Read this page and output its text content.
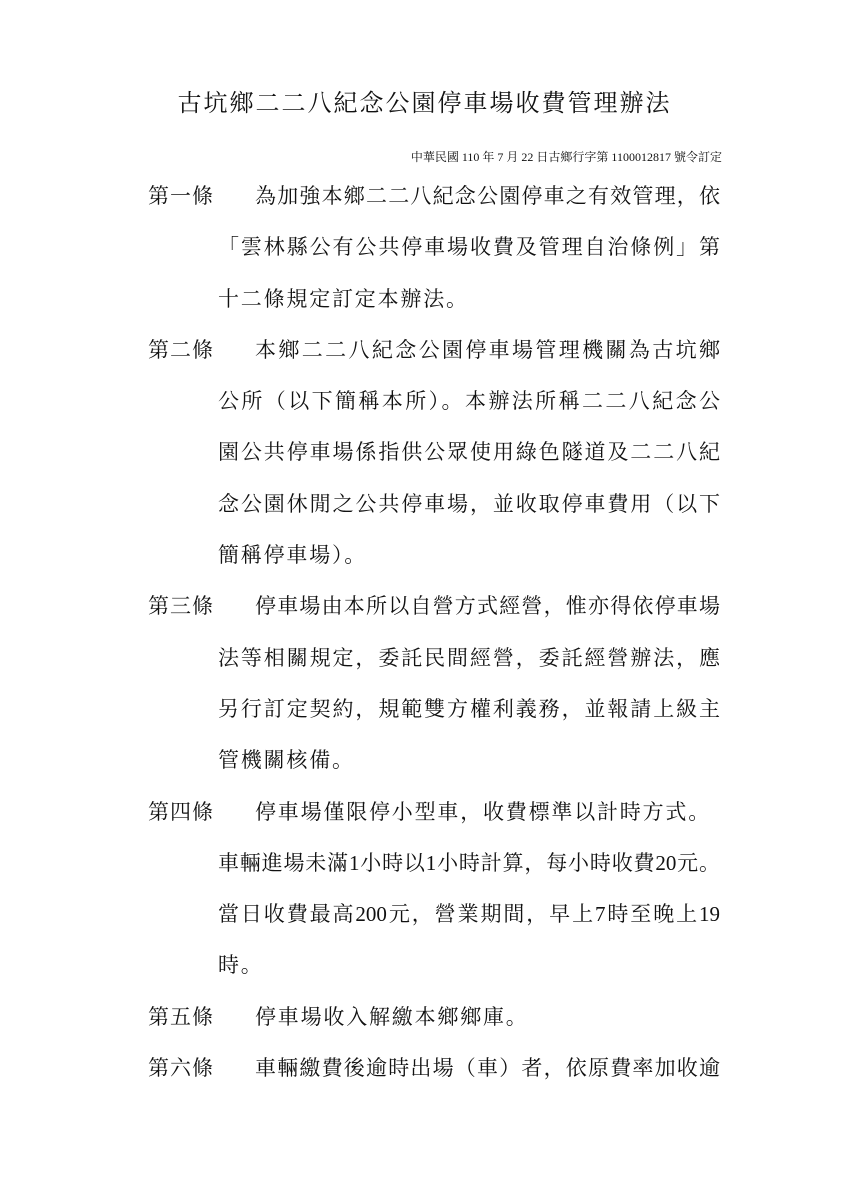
古坑鄉二二八紀念公園停車場收費管理辦法
中華民國 110 年 7 月 22 日古鄉行字第 1100012817 號令訂定
第一條 為加強本鄉二二八紀念公園停車之有效管理，依
「雲林縣公有公共停車場收費及管理自治條例」第
十二條規定訂定本辦法。
第二條 本鄉二二八紀念公園停車場管理機關為古坑鄉
公所（以下簡稱本所）。本辦法所稱二二八紀念公
園公共停車場係指供公眾使用綠色隧道及二二八紀
念公園休閒之公共停車場，並收取停車費用（以下
簡稱停車場）。
第三條 停車場由本所以自營方式經營，惟亦得依停車場
法等相關規定，委託民間經營，委託經營辦法，應
另行訂定契約，規範雙方權利義務，並報請上級主
管機關核備。
第四條 停車場僅限停小型車，收費標準以計時方式。
車輛進場未滿1小時以1小時計算，每小時收費20元。
當日收費最高200元，營業期間，早上7時至晚上19
時。
第五條 停車場收入解繳本鄉鄉庫。
第六條 車輛繳費後逾時出場（車）者，依原費率加收逾
